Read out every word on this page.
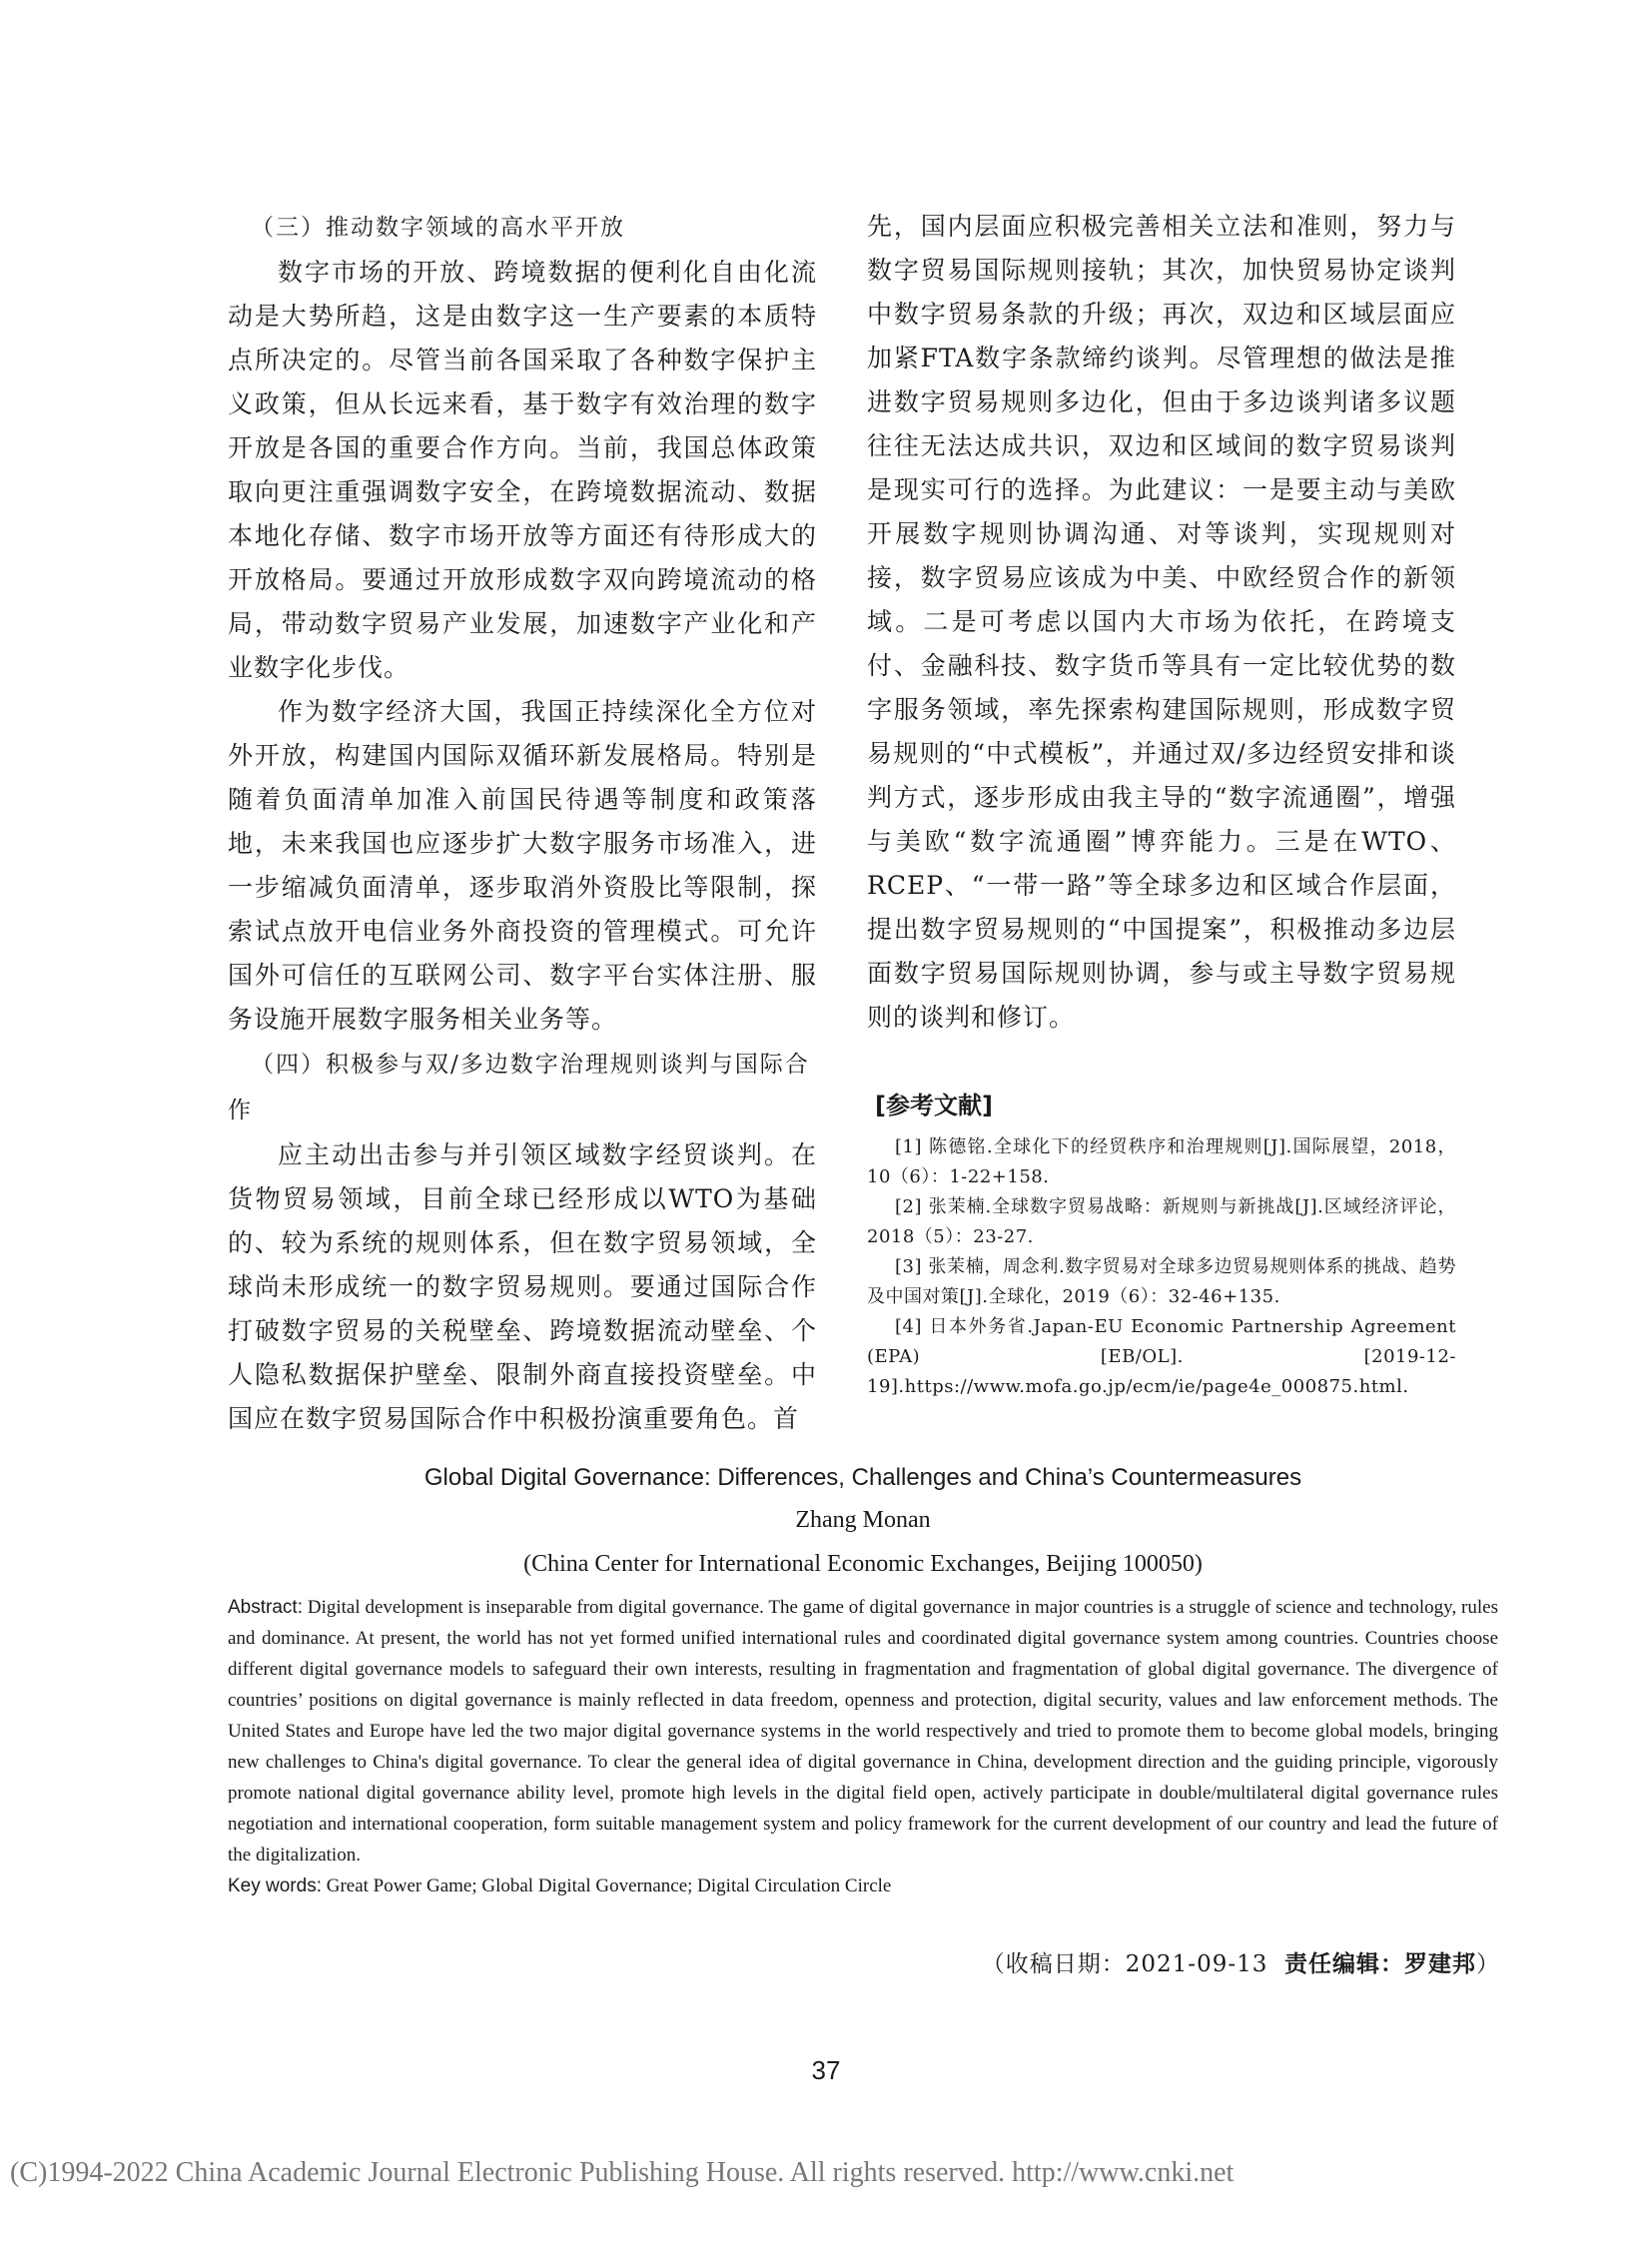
（三）推动数字领域的高水平开放

数字市场的开放、跨境数据的便利化自由化流动是大势所趋，这是由数字这一生产要素的本质特点所决定的。尽管当前各国采取了各种数字保护主义政策，但从长远来看，基于数字有效治理的数字开放是各国的重要合作方向。当前，我国总体政策取向更注重强调数字安全，在跨境数据流动、数据本地化存储、数字市场开放等方面还有待形成大的开放格局。要通过开放形成数字双向跨境流动的格局，带动数字贸易产业发展，加速数字产业化和产业数字化步伐。

作为数字经济大国，我国正持续深化全方位对外开放，构建国内国际双循环新发展格局。特别是随着负面清单加准入前国民待遇等制度和政策落地，未来我国也应逐步扩大数字服务市场准入，进一步缩减负面清单，逐步取消外资股比等限制，探索试点放开电信业务外商投资的管理模式。可允许国外可信任的互联网公司、数字平台实体注册、服务设施开展数字服务相关业务等。

（四）积极参与双/多边数字治理规则谈判与国际合作

应主动出击参与并引领区域数字经贸谈判。在货物贸易领域，目前全球已经形成以WTO为基础的、较为系统的规则体系，但在数字贸易领域，全球尚未形成统一的数字贸易规则。要通过国际合作打破数字贸易的关税壁垒、跨境数据流动壁垒、个人隐私数据保护壁垒、限制外商直接投资壁垒。中国应在数字贸易国际合作中积极扮演重要角色。首

先，国内层面应积极完善相关立法和准则，努力与数字贸易国际规则接轨；其次，加快贸易协定谈判中数字贸易条款的升级；再次，双边和区域层面应加紧FTA数字条款缔约谈判。尽管理想的做法是推进数字贸易规则多边化，但由于多边谈判诸多议题往往无法达成共识，双边和区域间的数字贸易谈判是现实可行的选择。为此建议：一是要主动与美欧开展数字规则协调沟通、对等谈判，实现规则对接，数字贸易应该成为中美、中欧经贸合作的新领域。二是可考虑以国内大市场为依托，在跨境支付、金融科技、数字货币等具有一定比较优势的数字服务领域，率先探索构建国际规则，形成数字贸易规则的“中式模板”，并通过双/多边经贸安排和谈判方式，逐步形成由我主导的“数字流通圈”，增强与美欧“数字流通圈”博弈能力。三是在WTO、RCEP、“一带一路”等全球多边和区域合作层面，提出数字贸易规则的“中国提案”，积极推动多边层面数字贸易国际规则协调，参与或主导数字贸易规则的谈判和修订。

[参考文献]

[1] 陈德铭.全球化下的经贸秩序和治理规则[J].国际展望，2018，10（6）：1-22+158.

[2] 张茉楠.全球数字贸易战略：新规则与新挑战[J].区域经济评论，2018（5）：23-27.

[3] 张茉楠，周念利.数字贸易对全球多边贸易规则体系的挑战、趋势及中国对策[J].全球化，2019（6）：32-46+135.

[4] 日本外务省.Japan-EU Economic Partnership Agreement (EPA) [EB/OL]. [2019-12-19].https://www.mofa.go.jp/ecm/ie/page4e_000875.html.

Global Digital Governance: Differences, Challenges and China’s Countermeasures

Zhang Monan

(China Center for International Economic Exchanges, Beijing 100050)

Abstract: Digital development is inseparable from digital governance. The game of digital governance in major countries is a struggle of science and technology, rules and dominance. At present, the world has not yet formed unified international rules and coordinated digital governance system among countries. Countries choose different digital governance models to safeguard their own interests, resulting in fragmentation and fragmentation of global digital governance. The divergence of countries’ positions on digital governance is mainly reflected in data freedom, openness and protection, digital security, values and law enforcement methods. The United States and Europe have led the two major digital governance systems in the world respectively and tried to promote them to become global models, bringing new challenges to China's digital governance. To clear the general idea of digital governance in China, development direction and the guiding principle, vigorously promote national digital governance ability level, promote high levels in the digital field open, actively participate in double/multilateral digital governance rules negotiation and international cooperation, form suitable management system and policy framework for the current development of our country and lead the future of the digitalization.

Key words: Great Power Game; Global Digital Governance; Digital Circulation Circle

（收稿日期：2021-09-13 责任编辑：罗建邦）
37
(C)1994-2022 China Academic Journal Electronic Publishing House. All rights reserved. http://www.cnki.net
